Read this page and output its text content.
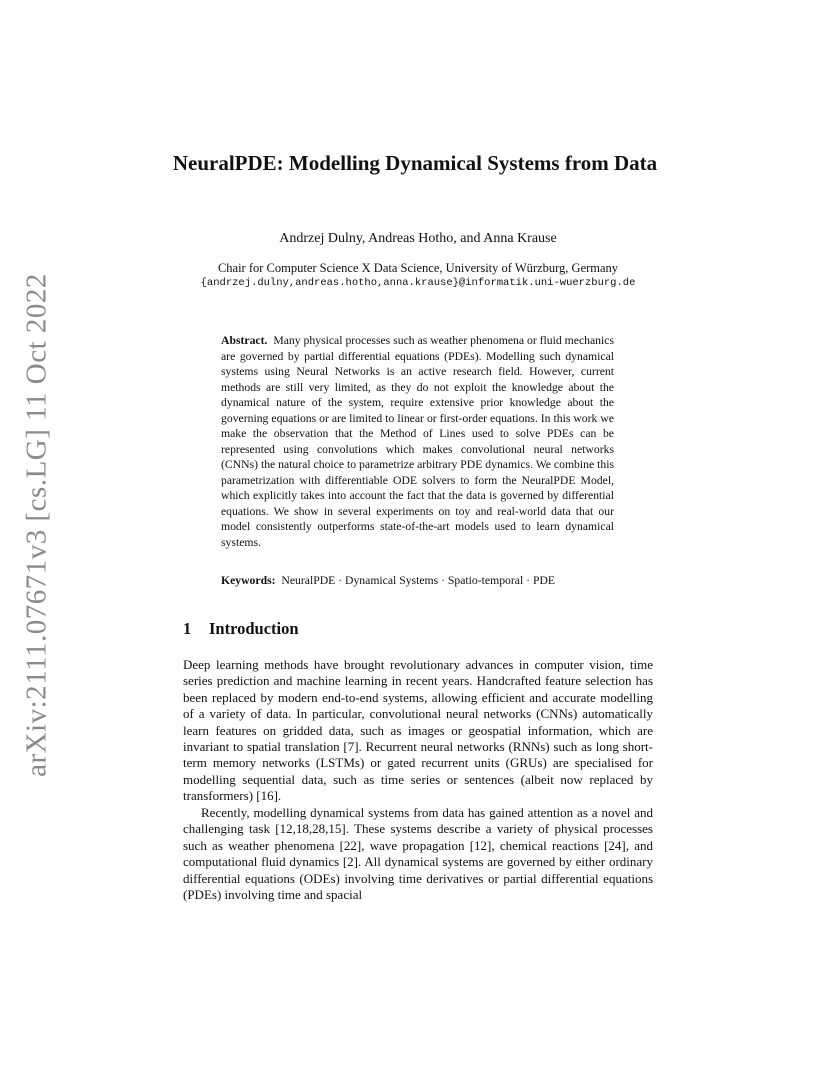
arXiv:2111.07671v3 [cs.LG] 11 Oct 2022
NeuralPDE: Modelling Dynamical Systems from Data
Andrzej Dulny, Andreas Hotho, and Anna Krause
Chair for Computer Science X Data Science, University of Würzburg, Germany
{andrzej.dulny,andreas.hotho,anna.krause}@informatik.uni-wuerzburg.de

Abstract. Many physical processes such as weather phenomena or fluid mechanics are governed by partial differential equations (PDEs). Modelling such dynamical systems using Neural Networks is an active research field. However, current methods are still very limited, as they do not exploit the knowledge about the dynamical nature of the system, require extensive prior knowledge about the governing equations or are limited to linear or first-order equations. In this work we make the observation that the Method of Lines used to solve PDEs can be represented using convolutions which makes convolutional neural networks (CNNs) the natural choice to parametrize arbitrary PDE dynamics. We combine this parametrization with differentiable ODE solvers to form the NeuralPDE Model, which explicitly takes into account the fact that the data is governed by differential equations. We show in several experiments on toy and real-world data that our model consistently outperforms state-of-the-art models used to learn dynamical systems.

Keywords: NeuralPDE · Dynamical Systems · Spatio-temporal · PDE
1 Introduction

Deep learning methods have brought revolutionary advances in computer vision, time series prediction and machine learning in recent years. Handcrafted feature selection has been replaced by modern end-to-end systems, allowing efficient and accurate modelling of a variety of data. In particular, convolutional neural networks (CNNs) automatically learn features on gridded data, such as images or geospatial information, which are invariant to spatial translation [7]. Recurrent neural networks (RNNs) such as long short-term memory networks (LSTMs) or gated recurrent units (GRUs) are specialised for modelling sequential data, such as time series or sentences (albeit now replaced by transformers) [16].

Recently, modelling dynamical systems from data has gained attention as a novel and challenging task [12,18,28,15]. These systems describe a variety of physical processes such as weather phenomena [22], wave propagation [12], chemical reactions [24], and computational fluid dynamics [2]. All dynamical systems are governed by either ordinary differential equations (ODEs) involving time derivatives or partial differential equations (PDEs) involving time and spacial
